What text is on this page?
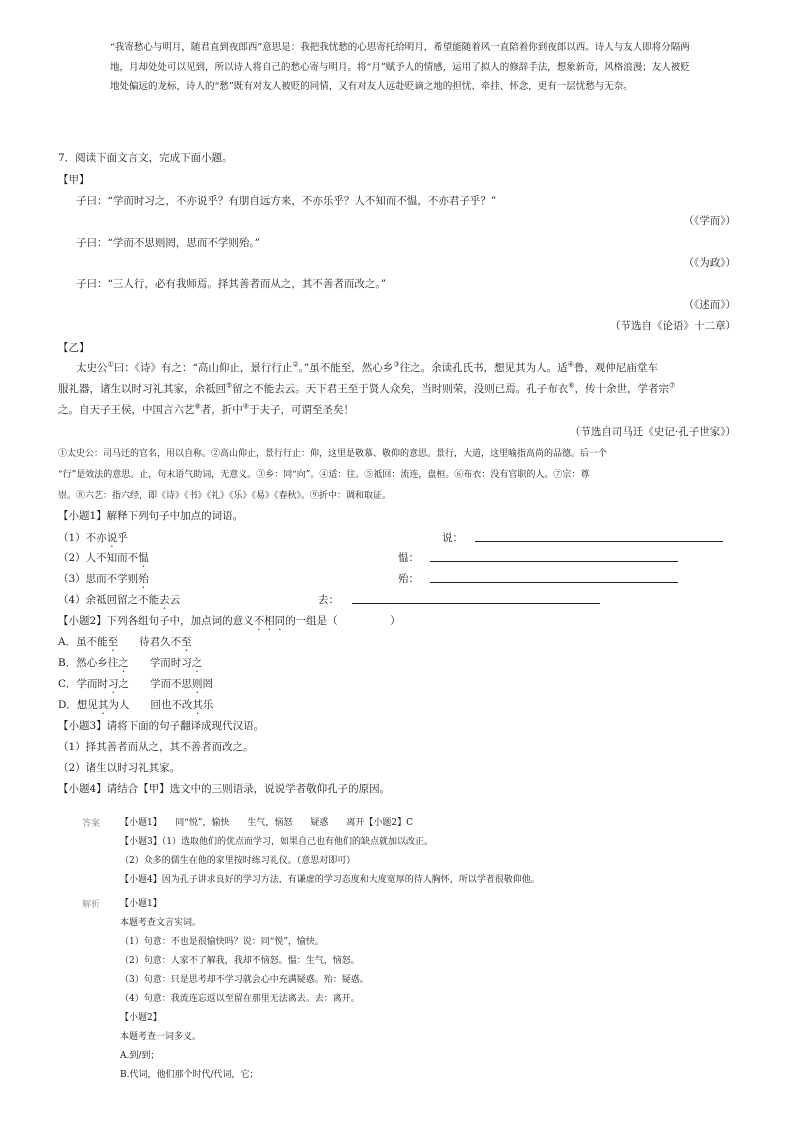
“我寄愁心与明月，随君直到夜郎西”意思是：我把我忧愁的心思寄托给明月，希望能随着风一直陪着你到夜郎以西。诗人与友人即将分隔两地，月却处处可以见到，所以诗人将自己的愁心寄与明月。将“月”赋予人的情感，运用了拟人的修辞手法，想象新奇，风格浪漫；友人被贬地处偏远的龙标，诗人的“愁”既有对友人被贬的同情，又有对友人远赴贬谪之地的担忧、牵挂、怀念，更有一层忧愁与无奈。
7．阅读下面文言文，完成下面小题。
【甲】
子曰：“学而时习之，不亦说乎？有朋自远方来，不亦乐乎？人不知而不愠，不亦君子乎？”
（《学而》）
子曰：“学而不思则罔，思而不学则殆。”
（《为政》）
子曰：“三人行，必有我师焉。择其善者而从之，其不善者而改之。”
（《述而》）
（节选自《论语》十二章）
【乙】
太史公①曰：《诗》有之：“高山仰止，景行行止②。”虽不能至，然心乡③往之。余读孔氏书，想见其为人。适④鲁，观仲尼庙堂车
服礼器，诸生以时习礼其家，余祗回⑤留之不能去云。天下君王至于贤人众矣，当时则荣，没则已焉。孔子布衣⑥，传十余世，学者宗⑦
之。自天子王侯，中国言六艺⑧者，折中⑨于夫子，可谓至圣矣！
（节选自司马迁《史记·孔子世家》）
①太史公：司马迁的官名，用以自称。②高山仰止，景行行止：仰，这里是敬慕、敬仰的意思。景行，大道，这里喻指高尚的品德。后一个
“行”是效法的意思。止，句末语气助词，无意义。③乡：同“向”。④适：往。⑤祗回：流连，盘桓。⑥布衣：没有官职的人。⑦宗：尊
崇。⑧六艺：指六经，即《诗》《书》《礼》《乐》《易》《春秋》。⑨折中：调和取证。
【小题1】解释下列句子中加点的词语。
（1）不亦说乎	说：
（2）人不知而不愠	愠：
（3）思而不学则殆	殆：
（4）余祗回留之不能去云	去：
【小题2】下列各组句子中，加点词的意义不相同的一组是（　　　　　）
A．虽不能至　　待君久不至
B．然心乡往之　　学而时习之
C．学而时习之　　学而不思则罔
D．想见其为人　　回也不改其乐
【小题3】请将下面的句子翻译成现代汉语。
（1）择其善者而从之，其不善者而改之。
（2）诸生以时习礼其家。
【小题4】请结合【甲】选文中的三则语录，说说学者敬仰孔子的原因。
答案 【小题1】　　同“悦”，愉快　　生气，恼怒　　疑惑　　离开【小题2】C
【小题3】（1）选取他们的优点而学习，如果自己也有他们的缺点就加以改正。
（2）众多的儒生在他的家里按时练习礼仪。（意思对即可）
【小题4】因为孔子讲求良好的学习方法，有谦虚的学习态度和大度宽厚的待人胸怀，所以学者很敬仰他。
解析 【小题1】
本题考查文言实词。
（1）句意：不也是很愉快吗？说：同“悦”，愉快。
（2）句意：人家不了解我，我却不恼怒。愠：生气，恼怒。
（3）句意：只是思考却不学习就会心中充满疑惑。殆：疑惑。
（4）句意：我流连忘返以至留在那里无法离去。去：离开。
【小题2】
本题考查一词多义。
A.到/到；
B.代词，他们那个时代/代词，它；
